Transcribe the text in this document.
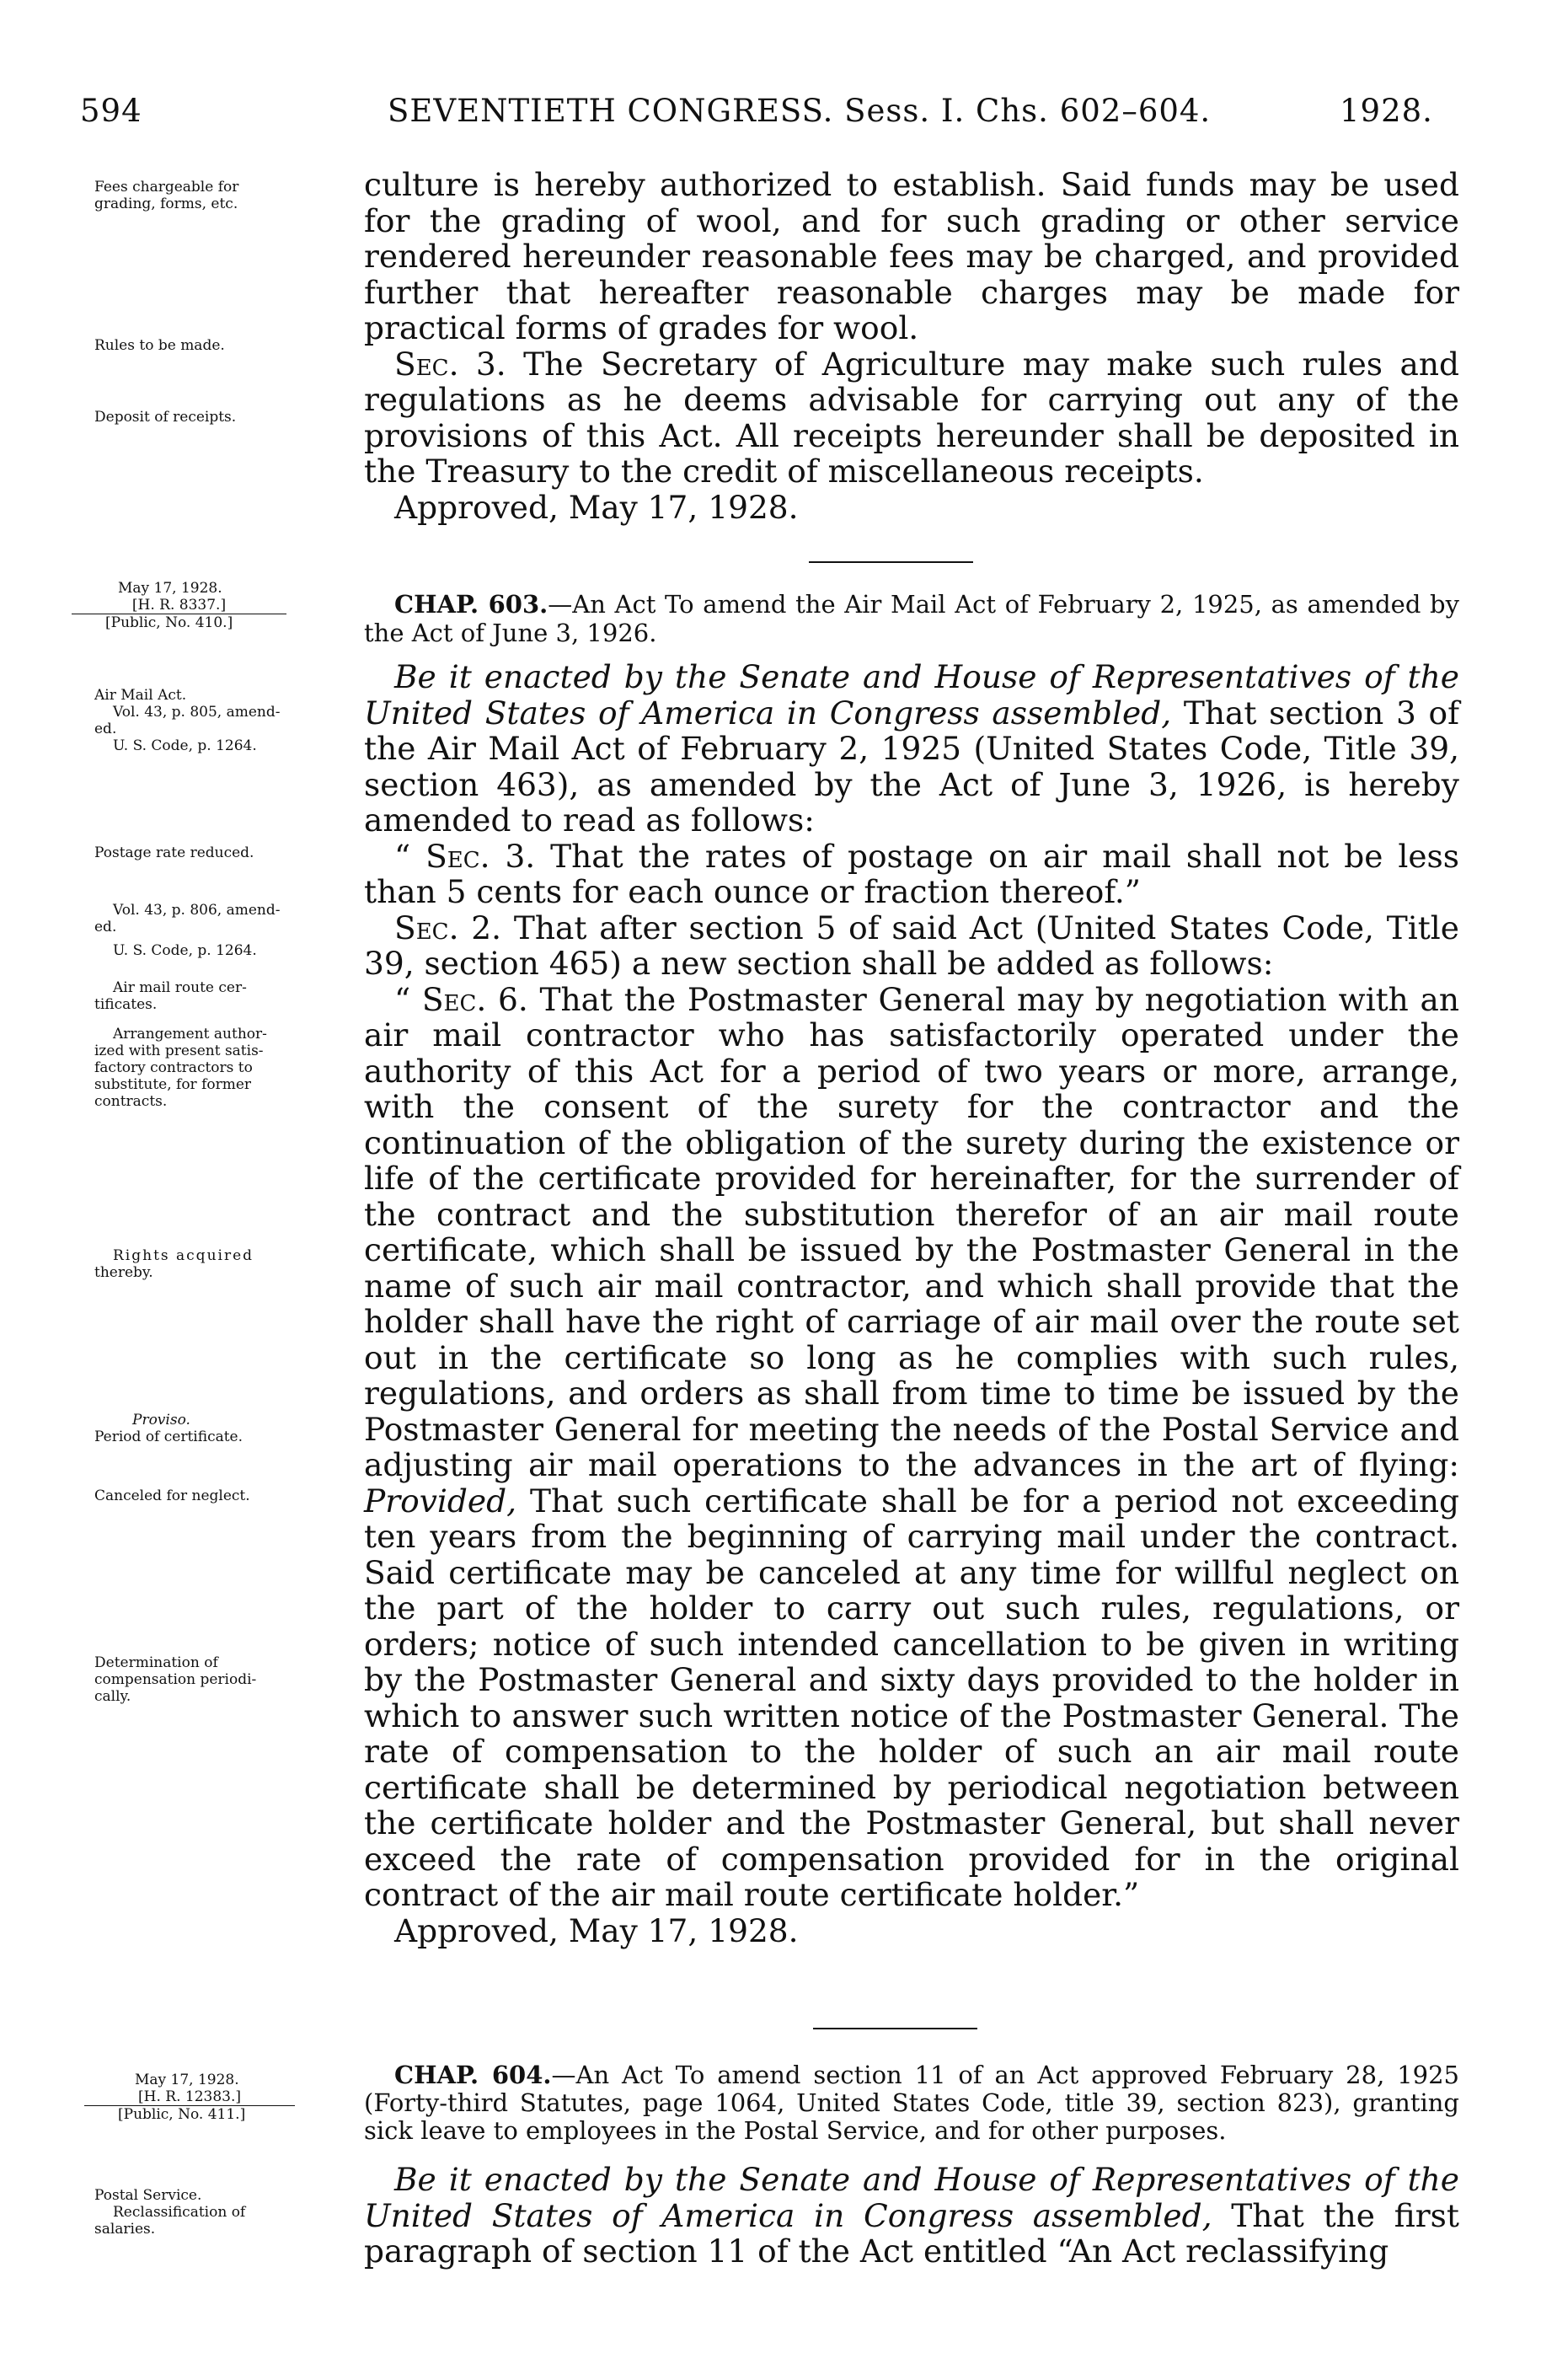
594	SEVENTIETH CONGRESS. Sess. I. Chs. 602–604.	1928.
Fees chargeable for
grading, forms, etc.
Rules to be made.
Deposit of receipts.
May 17, 1928.
[H. R. 8337.]
[Public, No. 410.]
Air Mail Act.
Vol. 43, p. 805, amend-
ed.
U. S. Code, p. 1264.
Postage rate reduced.
Vol. 43, p. 806, amend-
ed.
U. S. Code, p. 1264.
Air mail route cer-
tificates.
Arrangement author-
ized with present satis-
factory contractors to
substitute, for former
contracts.
Rights acquired
thereby.
Proviso.
Period of certificate.
Canceled for neglect.
Determination of
compensation periodi-
cally.
May 17, 1928.
[H. R. 12383.]
[Public, No. 411.]
Postal Service.
Reclassification of
salaries.

culture is hereby authorized to establish. Said funds may be used for the grading of wool, and for such grading or other service rendered hereunder reasonable fees may be charged, and provided further that hereafter reasonable charges may be made for practical forms of grades for wool.

Sec. 3. The Secretary of Agriculture may make such rules and regulations as he deems advisable for carrying out any of the provisions of this Act. All receipts hereunder shall be deposited in the Treasury to the credit of miscellaneous receipts.

Approved, May 17, 1928.

CHAP. 603.—An Act To amend the Air Mail Act of February 2, 1925, as amended by the Act of June 3, 1926.

Be it enacted by the Senate and House of Representatives of the United States of America in Congress assembled, That section 3 of the Air Mail Act of February 2, 1925 (United States Code, Title 39, section 463), as amended by the Act of June 3, 1926, is hereby amended to read as follows:

“ Sec. 3. That the rates of postage on air mail shall not be less than 5 cents for each ounce or fraction thereof.”

Sec. 2. That after section 5 of said Act (United States Code, Title 39, section 465) a new section shall be added as follows:

“ Sec. 6. That the Postmaster General may by negotiation with an air mail contractor who has satisfactorily operated under the authority of this Act for a period of two years or more, arrange, with the consent of the surety for the contractor and the continuation of the obligation of the surety during the existence or life of the certificate provided for hereinafter, for the surrender of the contract and the substitution therefor of an air mail route certificate, which shall be issued by the Postmaster General in the name of such air mail contractor, and which shall provide that the holder shall have the right of carriage of air mail over the route set out in the certificate so long as he complies with such rules, regulations, and orders as shall from time to time be issued by the Postmaster General for meeting the needs of the Postal Service and adjusting air mail operations to the advances in the art of flying: Provided, That such certificate shall be for a period not exceeding ten years from the beginning of carrying mail under the contract. Said certificate may be canceled at any time for willful neglect on the part of the holder to carry out such rules, regulations, or orders; notice of such intended cancellation to be given in writing by the Postmaster General and sixty days provided to the holder in which to answer such written notice of the Postmaster General. The rate of compensation to the holder of such an air mail route certificate shall be determined by periodical negotiation between the certificate holder and the Postmaster General, but shall never exceed the rate of compensation provided for in the original contract of the air mail route certificate holder.”

Approved, May 17, 1928.

CHAP. 604.—An Act To amend section 11 of an Act approved February 28, 1925 (Forty-third Statutes, page 1064, United States Code, title 39, section 823), granting sick leave to employees in the Postal Service, and for other purposes.

Be it enacted by the Senate and House of Representatives of the United States of America in Congress assembled, That the first paragraph of section 11 of the Act entitled “An Act reclassifying
